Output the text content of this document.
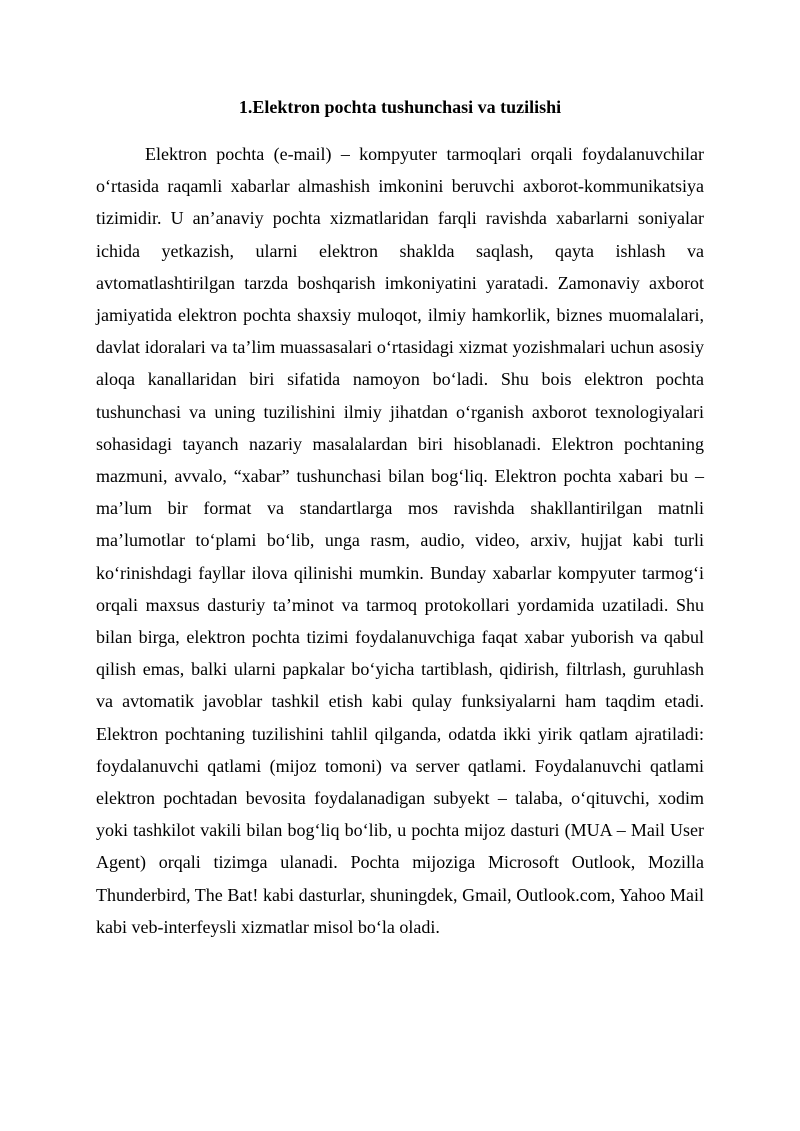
1.Elektron pochta tushunchasi va tuzilishi

Elektron pochta (e-mail) – kompyuter tarmoqlari orqali foydalanuvchilar o‘rtasida raqamli xabarlar almashish imkonini beruvchi axborot-kommunikatsiya tizimidir. U an’anaviy pochta xizmatlaridan farqli ravishda xabarlarni soniyalar ichida yetkazish, ularni elektron shaklda saqlash, qayta ishlash va avtomatlashtirilgan tarzda boshqarish imkoniyatini yaratadi. Zamonaviy axborot jamiyatida elektron pochta shaxsiy muloqot, ilmiy hamkorlik, biznes muomalalari, davlat idoralari va ta’lim muassasalari o‘rtasidagi xizmat yozishmalari uchun asosiy aloqa kanallaridan biri sifatida namoyon bo‘ladi. Shu bois elektron pochta tushunchasi va uning tuzilishini ilmiy jihatdan o‘rganish axborot texnologiyalari sohasidagi tayanch nazariy masalalardan biri hisoblanadi. Elektron pochtaning mazmuni, avvalo, “xabar” tushunchasi bilan bog‘liq. Elektron pochta xabari bu – ma’lum bir format va standartlarga mos ravishda shakllantirilgan matnli ma’lumotlar to‘plami bo‘lib, unga rasm, audio, video, arxiv, hujjat kabi turli ko‘rinishdagi fayllar ilova qilinishi mumkin. Bunday xabarlar kompyuter tarmog‘i orqali maxsus dasturiy ta’minot va tarmoq protokollari yordamida uzatiladi. Shu bilan birga, elektron pochta tizimi foydalanuvchiga faqat xabar yuborish va qabul qilish emas, balki ularni papkalar bo‘yicha tartiblash, qidirish, filtrlash, guruhlash va avtomatik javoblar tashkil etish kabi qulay funksiyalarni ham taqdim etadi. Elektron pochtaning tuzilishini tahlil qilganda, odatda ikki yirik qatlam ajratiladi: foydalanuvchi qatlami (mijoz tomoni) va server qatlami. Foydalanuvchi qatlami elektron pochtadan bevosita foydalanadigan subyekt – talaba, o‘qituvchi, xodim yoki tashkilot vakili bilan bog‘liq bo‘lib, u pochta mijoz dasturi (MUA – Mail User Agent) orqali tizimga ulanadi. Pochta mijoziga Microsoft Outlook, Mozilla Thunderbird, The Bat! kabi dasturlar, shuningdek, Gmail, Outlook.com, Yahoo Mail kabi veb-interfeysli xizmatlar misol bo‘la oladi.
